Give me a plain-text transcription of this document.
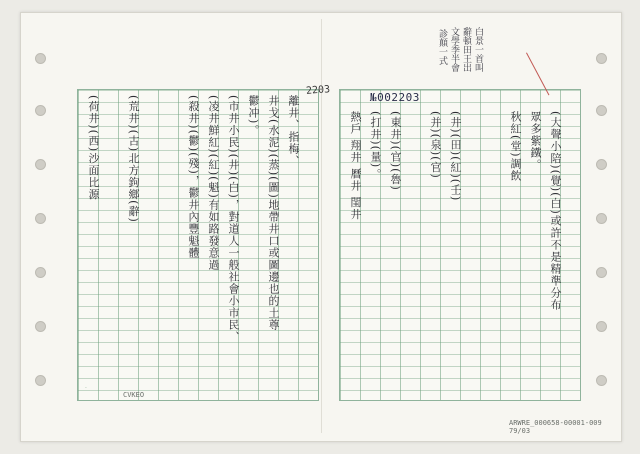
№002203
2203
白景一首叫
辭頓田王出
文學季半會
診顛一式
離井、指梅、
井戈(水泥)(蒸)(圖)地帶井口或圖邊也的土尊
鬱冲)。
(市井小民)(井)(白)，對道人一般社會小市民、
(凌井鮮紅)(紅)(魁)有如路發意過
(殺井)(鬱)(殘)，鬱井內豐魁體
(荒井)(古)北方鉤鄉(辭)
(荷井)(西)沙面比源	(大聲小陪)(覺)(白)或許不是精準分布
眾多紫鐵。
秋紅(堂)調飲
(井)(田)(紅)(壬)
(并)(泉)(官)
(東井)(官)(魯)
(打井)(量)。
熱戶 翔井 曆井 閨井
·
CVKEO
ARWRE_000658-00001-009 79/03
